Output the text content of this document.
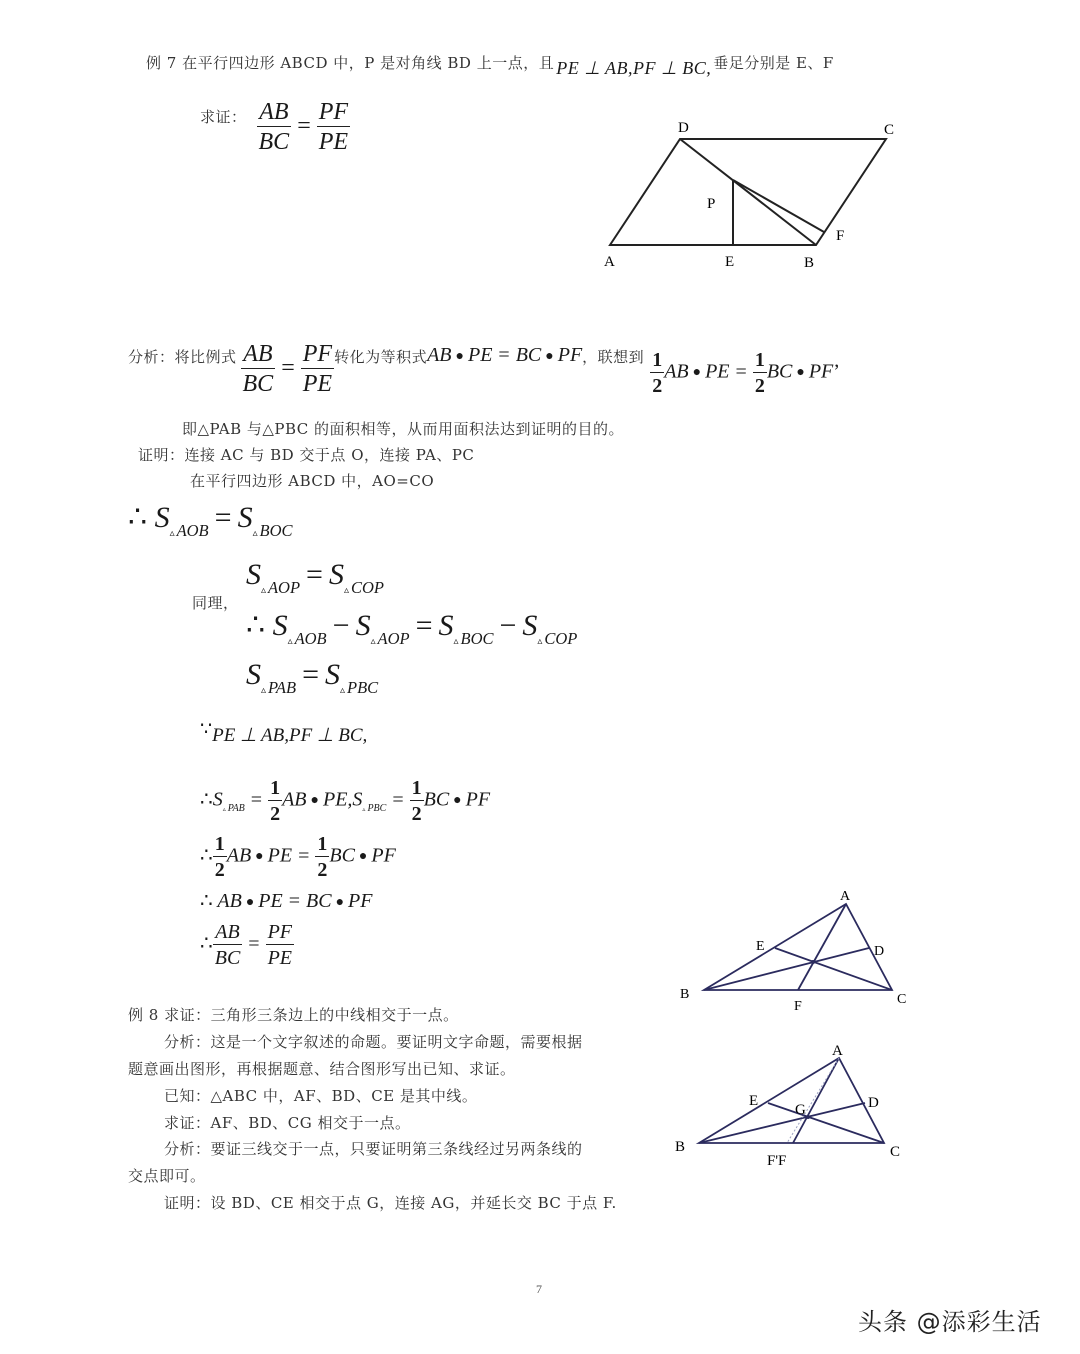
例 7 在平行四边形 ABCD 中，P 是对角线 BD 上一点，且 PE ⊥ AB,PF ⊥ BC, 垂足分别是 E、F
求证： $\frac{AB}{BC} = \frac{PF}{PE}$
A
D	C
E	B
F
P
分析：将比例式 $\frac{AB}{BC} = \frac{PF}{PE}$ 转化为等积式 AB ● PE = BC ● PF ，联想到 $\frac{1}{2}$ AB ● PE = $\frac{1}{2}$ BC ● PF’
即△PAB 与△PBC 的面积相等，从而用面积法达到证明的目的。
证明：连接 AC 与 BD 交于点 O，连接 PA、PC
在平行四边形 ABCD 中，AO=CO
∴ $S_{▵ AOB} = S_{▵ BOC}$
同理，
$S_{▵ AOP} = S_{▵ COP}$
∴ $S_{▵ AOB} - S_{▵ AOP} = S_{▵ BOC} - S_{▵ COP}$
$S_{▵ PAB} = S_{▵ PBC}$
∵PE ⊥ AB,PF ⊥ BC,
$\therefore S_{▵ PAB} = \frac{1}{2}$ AB ● $PE,S_{▵ PBC} = \frac{1}{2}$ BC ● PF
∴ $\frac{1}{2}$ AB ● PE = $\frac{1}{2}$ BC ● PF
∴ AB ● PE = BC ● PF
∴ $\frac{AB}{BC} = \frac{PF}{PE}$
例 8 求证：三角形三条边上的中线相交于一点。
分析：这是一个文字叙述的命题。要证明文字命题，需要根据
题意画出图形，再根据题意、结合图形写出已知、求证。
已知：△ABC 中，AF、BD、CE 是其中线。
求证：AF、BD、CG 相交于一点。
分析：要证三线交于一点，只要证明第三条线经过另两条线的
交点即可。
证明：设 BD、CE 相交于点 G，连接 AG，并延长交 BC 于点 F.
A
B	C
D
E
F
A
B	C
D
E
G
F'F
7
头条 @添彩生活
